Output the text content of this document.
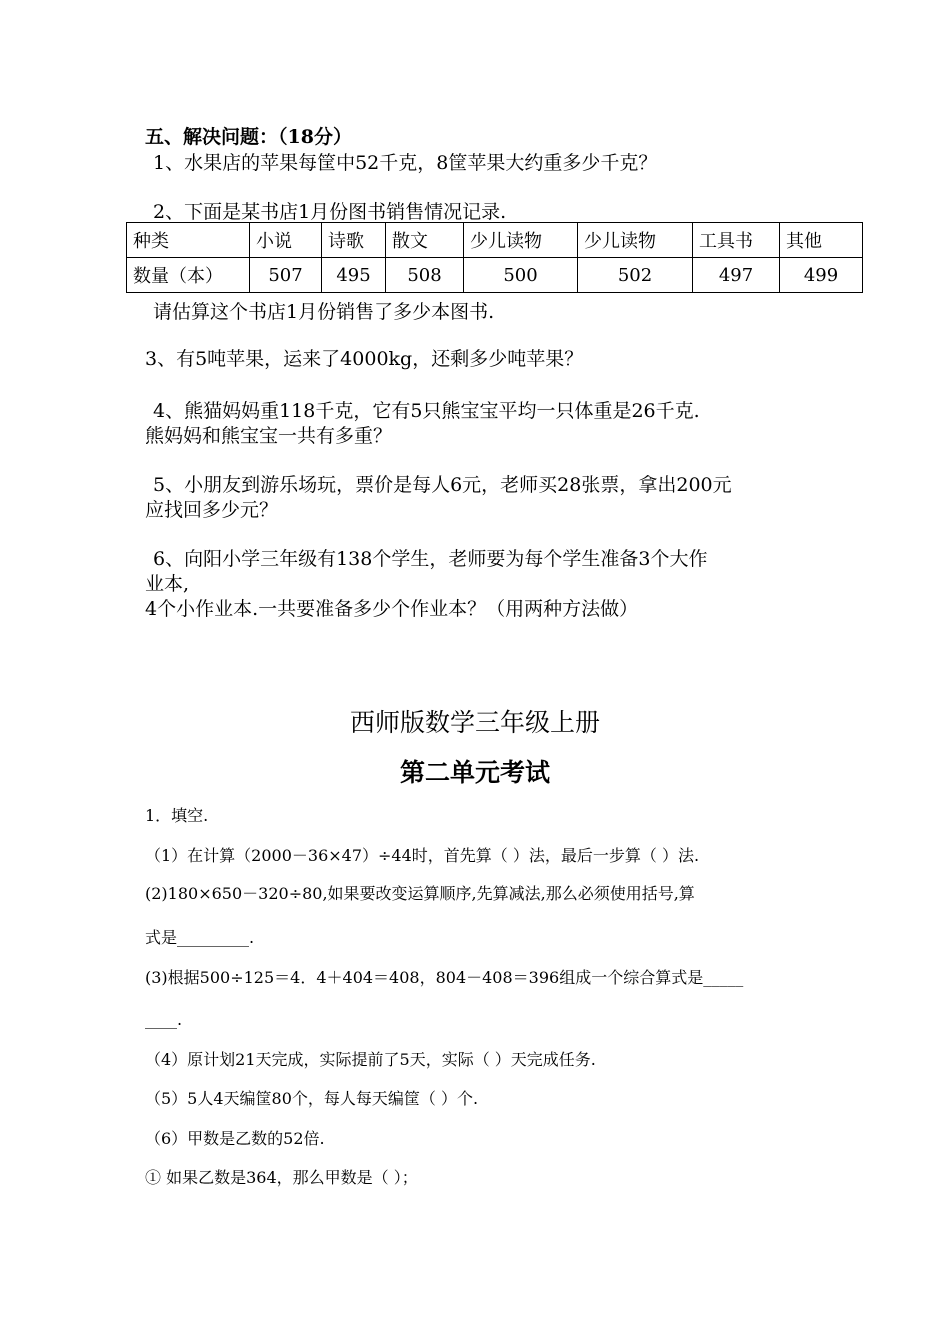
五、解决问题：（18分）
1、水果店的苹果每筐中52千克，8筐苹果大约重多少千克？
2、下面是某书店1月份图书销售情况记录.
种类	小说	诗歌	散文	少儿读物	少儿读物	工具书	其他
数量（本）	507	495	508	500	502	497	499
请估算这个书店1月份销售了多少本图书.
3、有5吨苹果，运来了4000kg，还剩多少吨苹果？
4、熊猫妈妈重118千克，它有5只熊宝宝平均一只体重是26千克.
熊妈妈和熊宝宝一共有多重？
5、小朋友到游乐场玩，票价是每人6元，老师买28张票，拿出200元
应找回多少元？
6、向阳小学三年级有138个学生，老师要为每个学生准备3个大作
业本,
4个小作业本.一共要准备多少个作业本？（用两种方法做）
西师版数学三年级上册
第二单元考试
1．填空.
（1）在计算（2000－36×47）÷44时，首先算（ ）法，最后一步算（ ）法.
(2)180×650－320÷80,如果要改变运算顺序,先算减法,那么必须使用括号,算
式是_________.
(3)根据500÷125＝4．4＋404＝408，804－408＝396组成一个综合算式是_____
____.
（4）原计划21天完成，实际提前了5天，实际（ ）天完成任务.
（5）5人4天编筐80个，每人每天编筐（ ）个.
（6）甲数是乙数的52倍.
① 如果乙数是364，那么甲数是（ ）；
